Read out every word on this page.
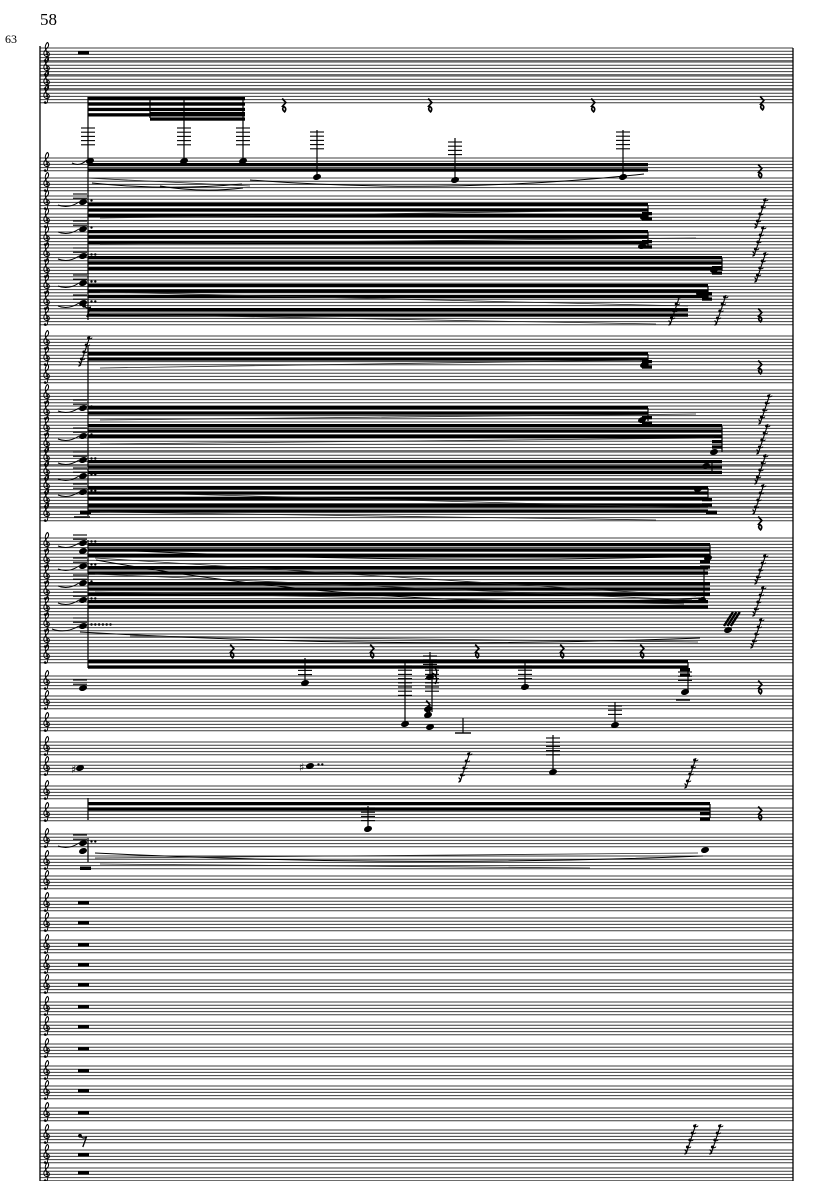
58
63
♯	♯
